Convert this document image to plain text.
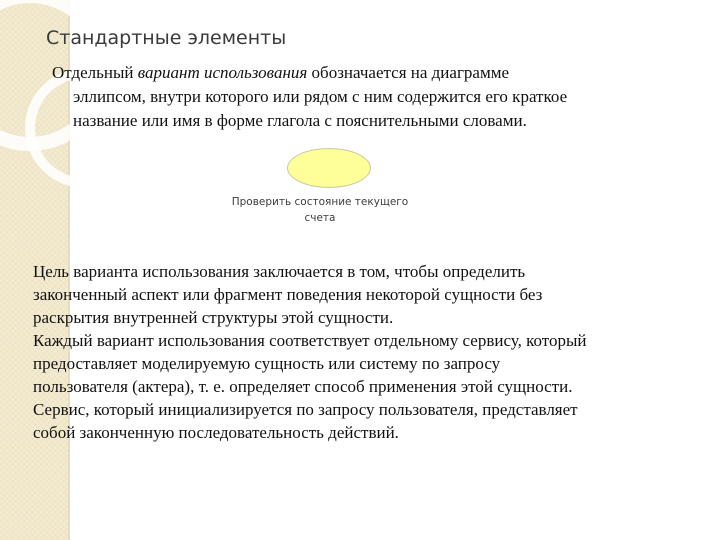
Стандартные элементы
Отдельный вариант использования обозначается на диаграмме
эллипсом, внутри которого или рядом с ним содержится его краткое
название или имя в форме глагола с пояснительными словами.
Проверить состояние текущего
счета
Цель варианта использования заключается в том, чтобы определить
законченный аспект или фрагмент поведения некоторой сущности без
раскрытия внутренней структуры этой сущности.
Каждый вариант использования соответствует отдельному сервису, который
предоставляет моделируемую сущность или систему по запросу
пользователя (актера), т. е. определяет способ применения этой сущности.
Сервис, который инициализируется по запросу пользователя, представляет
собой законченную последовательность действий.
